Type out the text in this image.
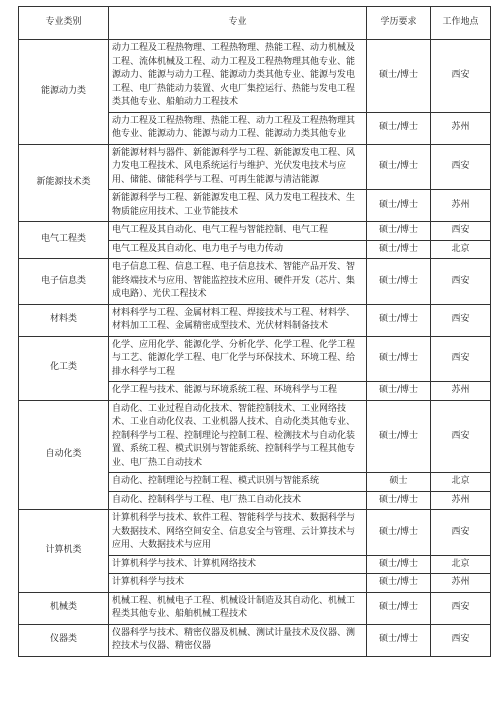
专业类别	专业	学历要求	工作地点
能源动力类	动力工程及工程热物理、工程热物理、热能工程、动力机械及工程、流体机械及工程、动力工程及工程热物理其他专业、能源动力、能源与动力工程、能源动力类其他专业、能源与发电工程、电厂热能动力装置、火电厂集控运行、热能与发电工程类其他专业、船舶动力工程技术	硕士/博士	西安
	动力工程及工程热物理、热能工程、动力工程及工程热物理其他专业、能源动力、能源与动力工程、能源动力类其他专业	硕士/博士	苏州
新能源技术类	新能源材料与器件、新能源科学与工程、新能源发电工程、风力发电工程技术、风电系统运行与维护、光伏发电技术与应用、储能、储能科学与工程、可再生能源与清洁能源	硕士/博士	西安
	新能源科学与工程、新能源发电工程、风力发电工程技术、生物质能应用技术、工业节能技术	硕士/博士	苏州
电气工程类	电气工程及其自动化、电气工程与智能控制、电气工程	硕士/博士	西安
	电气工程及其自动化、电力电子与电力传动	硕士/博士	北京
电子信息类	电子信息工程、信息工程、电子信息技术、智能产品开发、智能终端技术与应用、智能监控技术应用、硬件开发（芯片、集成电路）、光伏工程技术	硕士/博士	西安
材料类	材料科学与工程、金属材料工程、焊接技术与工程、材料学、材料加工工程、金属精密成型技术、光伏材料制备技术	硕士/博士	西安
化工类	化学、应用化学、能源化学、分析化学、化学工程、化学工程与工艺、能源化学工程、电厂化学与环保技术、环境工程、给排水科学与工程	硕士/博士	西安
	化学工程与技术、能源与环境系统工程、环境科学与工程	硕士/博士	苏州
自动化类	自动化、工业过程自动化技术、智能控制技术、工业网络技术、工业自动化仪表、工业机器人技术、自动化类其他专业、控制科学与工程、控制理论与控制工程、检测技术与自动化装置、系统工程、模式识别与智能系统、控制科学与工程其他专业、电厂热工自动技术	硕士/博士	西安
	自动化、控制理论与控制工程、模式识别与智能系统	硕士	北京
	自动化、控制科学与工程、电厂热工自动化技术	硕士/博士	苏州
计算机类	计算机科学与技术、软件工程、智能科学与技术、数据科学与大数据技术、网络空间安全、信息安全与管理、云计算技术与应用、大数据技术与应用	硕士/博士	西安
	计算机科学与技术、计算机网络技术	硕士/博士	北京
	计算机科学与技术	硕士/博士	苏州
机械类	机械工程、机械电子工程、机械设计制造及其自动化、机械工程类其他专业、船舶机械工程技术	硕士/博士	西安
仪器类	仪器科学与技术、精密仪器及机械、测试计量技术及仪器、测控技术与仪器、精密仪器	硕士/博士	西安
